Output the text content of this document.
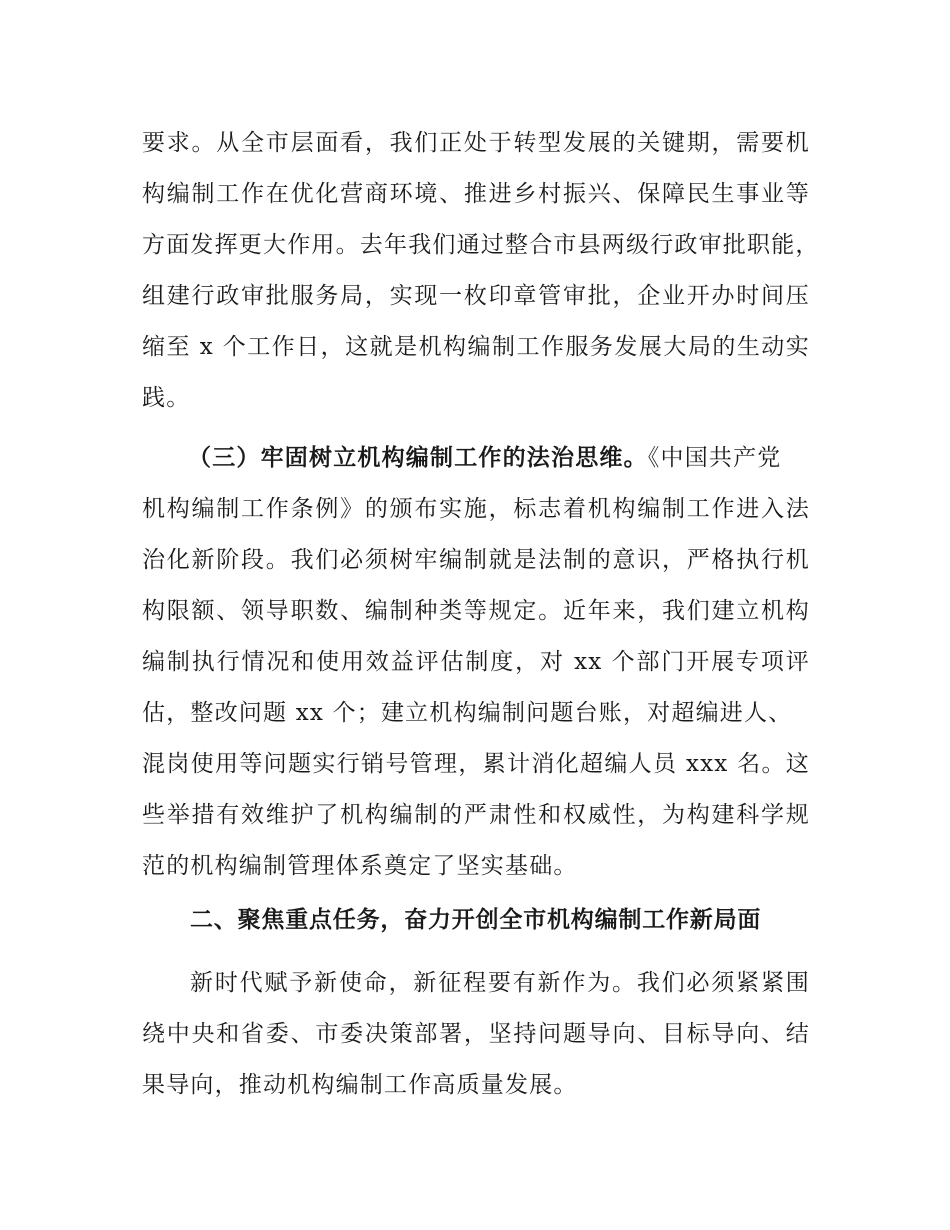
要求。从全市层面看，我们正处于转型发展的关键期，需要机
构编制工作在优化营商环境、推进乡村振兴、保障民生事业等
方面发挥更大作用。去年我们通过整合市县两级行政审批职能，
组建行政审批服务局，实现一枚印章管审批，企业开办时间压
缩至 x 个工作日，这就是机构编制工作服务发展大局的生动实
践。
（三）牢固树立机构编制工作的法治思维。《中国共产党
机构编制工作条例》的颁布实施，标志着机构编制工作进入法
治化新阶段。我们必须树牢编制就是法制的意识，严格执行机
构限额、领导职数、编制种类等规定。近年来，我们建立机构
编制执行情况和使用效益评估制度，对 xx 个部门开展专项评
估，整改问题 xx 个；建立机构编制问题台账，对超编进人、
混岗使用等问题实行销号管理，累计消化超编人员 xxx 名。这
些举措有效维护了机构编制的严肃性和权威性，为构建科学规
范的机构编制管理体系奠定了坚实基础。
二、聚焦重点任务，奋力开创全市机构编制工作新局面
新时代赋予新使命，新征程要有新作为。我们必须紧紧围
绕中央和省委、市委决策部署，坚持问题导向、目标导向、结
果导向，推动机构编制工作高质量发展。
